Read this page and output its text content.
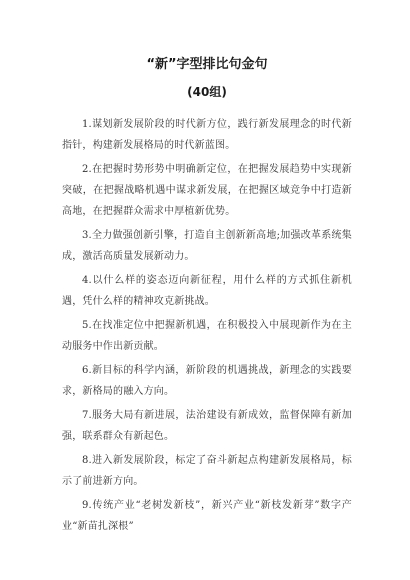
“新”字型排比句金句
(40组)
1.谋划新发展阶段的时代新方位，践行新发展理念的时代新指针，构建新发展格局的时代新蓝图。
2.在把握时势形势中明确新定位，在把握发展趋势中实现新突破，在把握战略机遇中谋求新发展，在把握区域竞争中打造新高地，在把握群众需求中厚植新优势。
3.全力做强创新引擎，打造自主创新新高地;加强改革系统集成，激活高质量发展新动力。
4.以什么样的姿态迈向新征程，用什么样的方式抓住新机遇，凭什么样的精神攻克新挑战。
5.在找准定位中把握新机遇，在积极投入中展现新作为在主动服务中作出新贡献。
6.新目标的科学内涵，新阶段的机遇挑战，新理念的实践要求，新格局的融入方向。
7.服务大局有新进展，法治建设有新成效，监督保障有新加强，联系群众有新起色。
8.进入新发展阶段，标定了奋斗新起点构建新发展格局，标示了前进新方向。
9.传统产业“老树发新枝”，新兴产业“新枝发新芽”数字产业“新苗扎深根”
